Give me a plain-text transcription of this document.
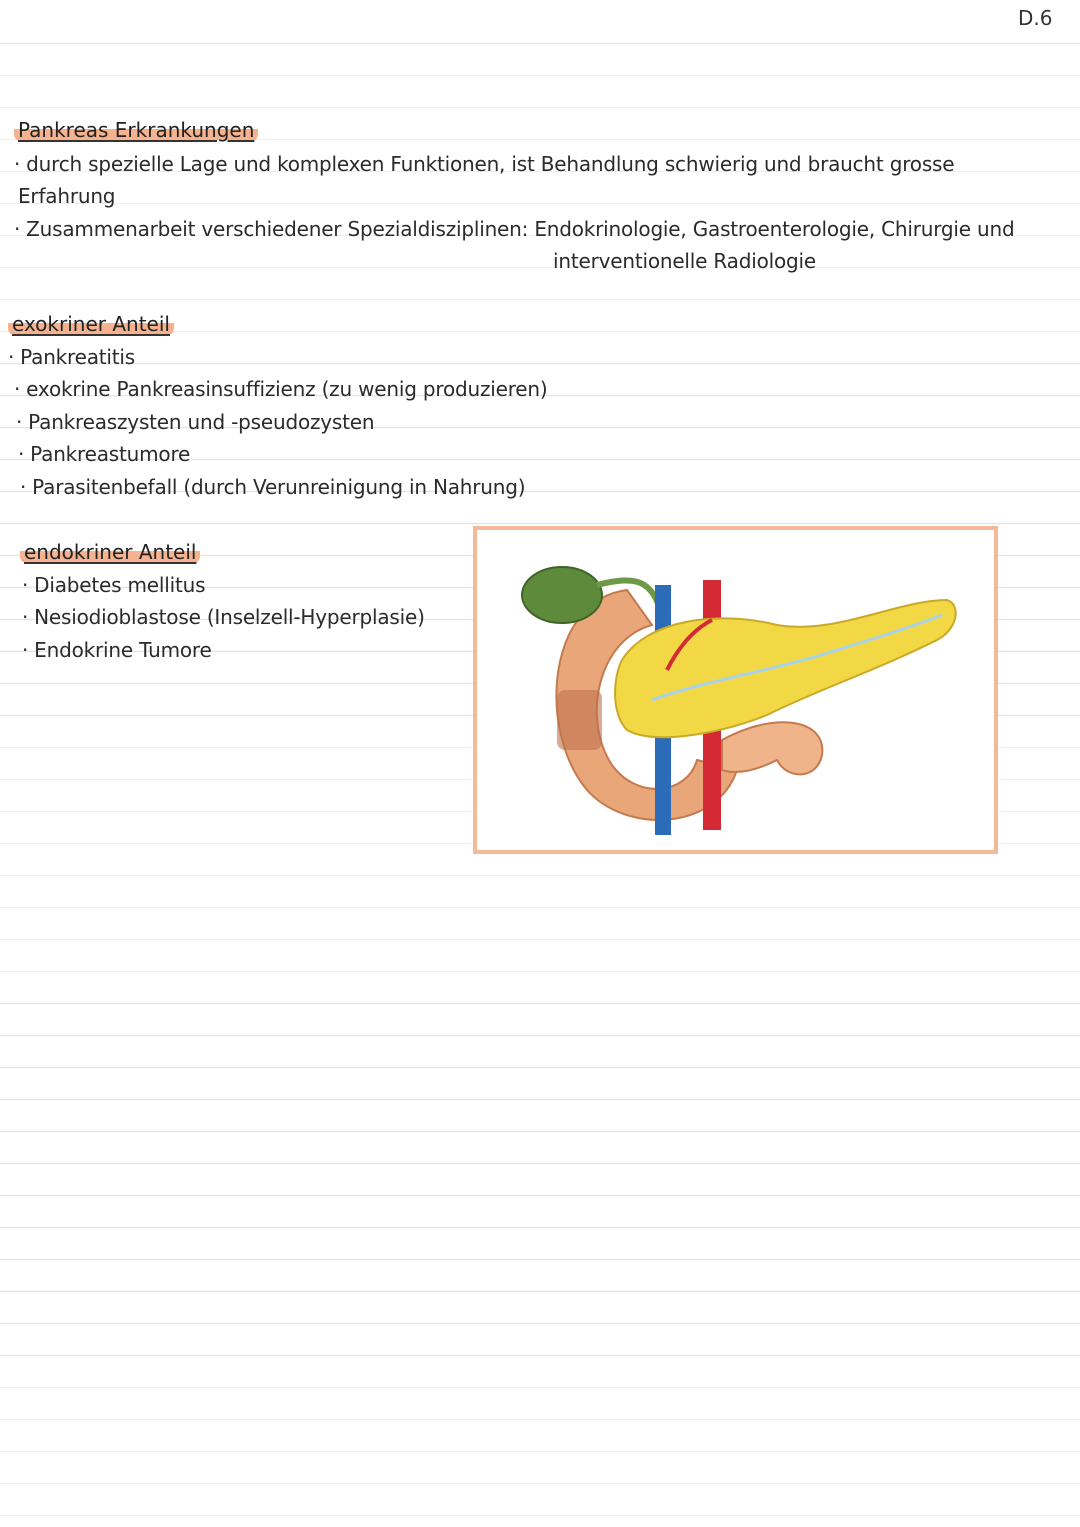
D.6
Pankreas Erkrankungen
· durch spezielle Lage und komplexen Funktionen, ist Behandlung schwierig und braucht grosse
Erfahrung
· Zusammenarbeit verschiedener Spezialdisziplinen: Endokrinologie, Gastroenterologie, Chirurgie und
interventionelle Radiologie
exokriner Anteil
· Pankreatitis
· exokrine Pankreasinsuffizienz (zu wenig produzieren)
· Pankreaszysten und -pseudozysten
· Pankreastumore
· Parasitenbefall (durch Verunreinigung in Nahrung)
endokriner Anteil
· Diabetes mellitus
· Nesiodioblastose (Inselzell-Hyperplasie)
· Endokrine Tumore
